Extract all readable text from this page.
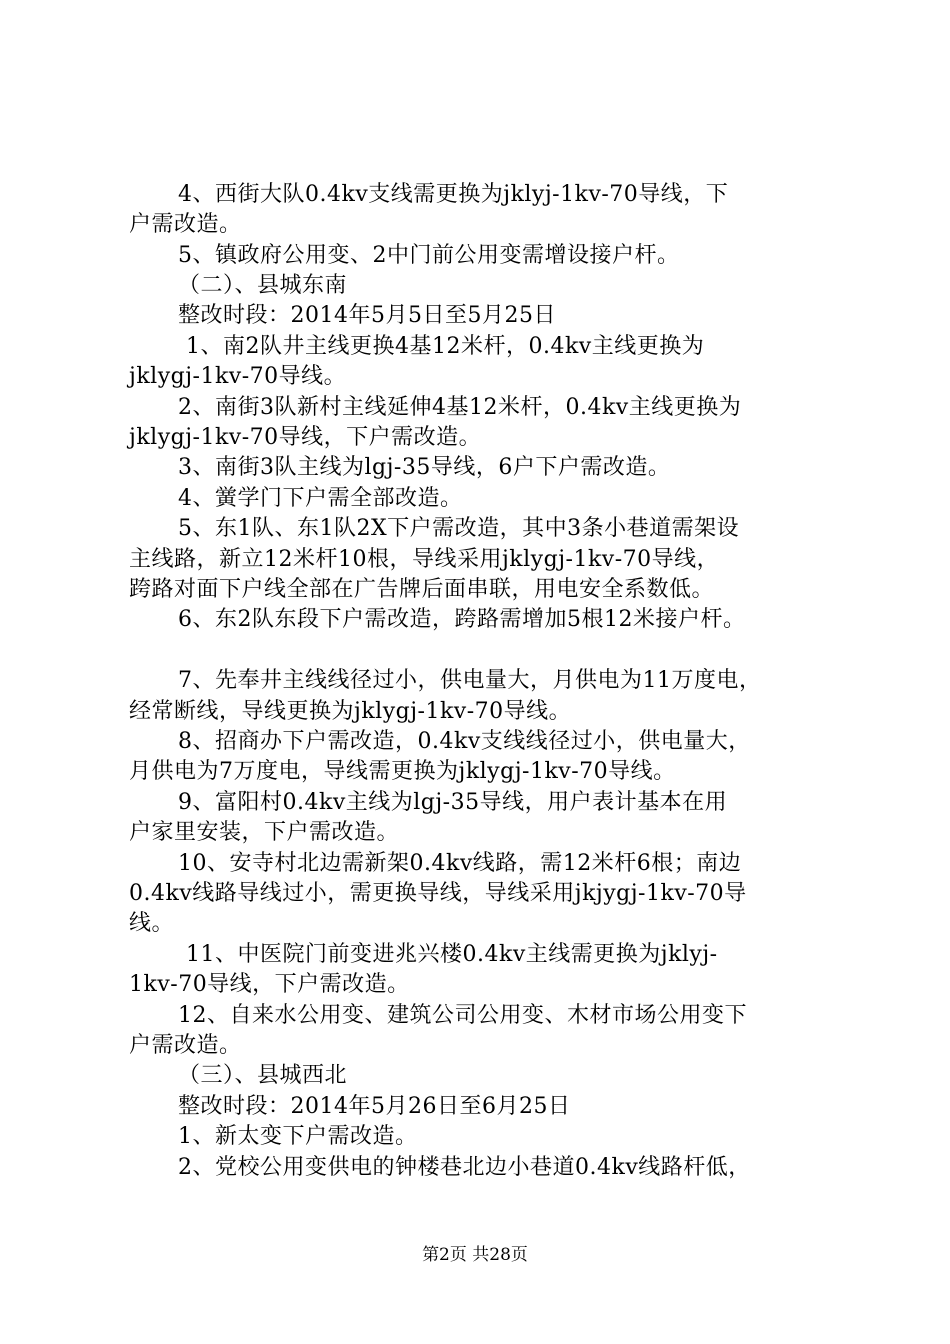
4、西街大队0.4kv支线需更换为jklyj-1kv-70导线，下
户需改造。
5、镇政府公用变、2中门前公用变需增设接户杆。
（二）、县城东南
整改时段：2014年5月5日至5月25日
1、南2队井主线更换4基12米杆，0.4kv主线更换为
jklygj-1kv-70导线。
2、南街3队新村主线延伸4基12米杆，0.4kv主线更换为
jklygj-1kv-70导线，下户需改造。
3、南街3队主线为lgj-35导线，6户下户需改造。
4、黉学门下户需全部改造。
5、东1队、东1队2X下户需改造，其中3条小巷道需架设
主线路，新立12米杆10根，导线采用jklygj-1kv-70导线，
跨路对面下户线全部在广告牌后面串联，用电安全系数低。
6、东2队东段下户需改造，跨路需增加5根12米接户杆。
7、先奉井主线线径过小，供电量大，月供电为11万度电，
经常断线，导线更换为jklygj-1kv-70导线。
8、招商办下户需改造，0.4kv支线线径过小，供电量大，
月供电为7万度电，导线需更换为jklygj-1kv-70导线。
9、富阳村0.4kv主线为lgj-35导线，用户表计基本在用
户家里安装，下户需改造。
10、安寺村北边需新架0.4kv线路，需12米杆6根；南边
0.4kv线路导线过小，需更换导线，导线采用jkjygj-1kv-70导
线。
11、中医院门前变进兆兴楼0.4kv主线需更换为jklyj-
1kv-70导线，下户需改造。
12、自来水公用变、建筑公司公用变、木材市场公用变下
户需改造。
（三）、县城西北
整改时段：2014年5月26日至6月25日
1、新太变下户需改造。
2、党校公用变供电的钟楼巷北边小巷道0.4kv线路杆低，
第2页 共28页
